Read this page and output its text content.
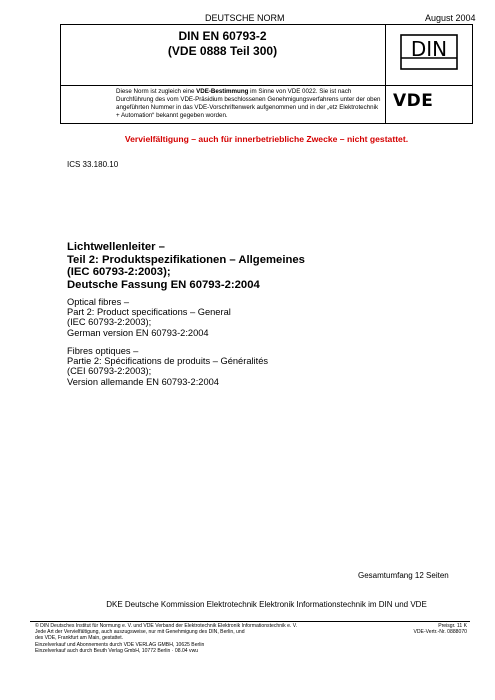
DEUTSCHE NORM	August 2004
DIN EN 60793-2
(VDE 0888 Teil 300)	DIN
Diese Norm ist zugleich eine VDE-Bestimmung im Sinne von VDE 0022. Sie ist nach Durchführung des vom VDE-Präsidium beschlossenen Genehmigungsverfahrens unter der oben angeführten Nummer in das VDE-Vorschriftenwerk aufgenommen und in der „etz Elektrotechnik + Automation“ bekannt gegeben worden.
VDE
Vervielfältigung – auch für innerbetriebliche Zwecke – nicht gestattet.
ICS 33.180.10
Lichtwellenleiter –
Teil 2: Produktspezifikationen – Allgemeines
(IEC 60793-2:2003);
Deutsche Fassung EN 60793-2:2004
Optical fibres –
Part 2: Product specifications – General
(IEC 60793-2:2003);
German version EN 60793-2:2004
Fibres optiques –
Partie 2: Spécifications de produits – Généralités
(CEI 60793-2:2003);
Version allemande EN 60793-2:2004
Gesamtumfang 12 Seiten
DKE Deutsche Kommission Elektrotechnik Elektronik Informationstechnik im DIN und VDE
© DIN Deutsches Institut für Normung e. V. und VDE Verband der Elektrotechnik Elektronik Informationstechnik e. V.
Jede Art der Vervielfältigung, auch auszugsweise, nur mit Genehmigung des DIN, Berlin, und
des VDE, Frankfurt am Main, gestattet.
Einzelverkauf und Abonnements durch VDE VERLAG GMBH, 10625 Berlin
Einzelverkauf auch durch Beuth Verlag GmbH, 10772 Berlin · 08.04 vwu
Preisgr. 11 K
VDE-Vertr.-Nr. 0888070
